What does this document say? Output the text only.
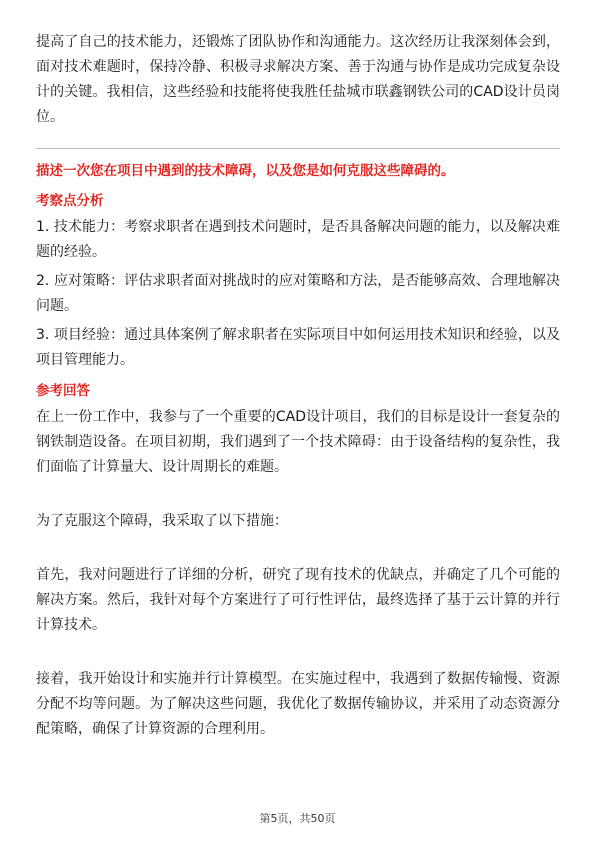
提高了自己的技术能力，还锻炼了团队协作和沟通能力。这次经历让我深刻体会到，面对技术难题时，保持冷静、积极寻求解决方案、善于沟通与协作是成功完成复杂设计的关键。我相信，这些经验和技能将使我胜任盐城市联鑫钢铁公司的CAD设计员岗位。

描述一次您在项目中遇到的技术障碍，以及您是如何克服这些障碍的。

考察点分析

1. 技术能力：考察求职者在遇到技术问题时，是否具备解决问题的能力，以及解决难题的经验。

2. 应对策略：评估求职者面对挑战时的应对策略和方法，是否能够高效、合理地解决问题。

3. 项目经验：通过具体案例了解求职者在实际项目中如何运用技术知识和经验，以及项目管理能力。

参考回答

在上一份工作中，我参与了一个重要的CAD设计项目，我们的目标是设计一套复杂的钢铁制造设备。在项目初期，我们遇到了一个技术障碍：由于设备结构的复杂性，我们面临了计算量大、设计周期长的难题。

为了克服这个障碍，我采取了以下措施：

首先，我对问题进行了详细的分析，研究了现有技术的优缺点，并确定了几个可能的解决方案。然后，我针对每个方案进行了可行性评估，最终选择了基于云计算的并行计算技术。

接着，我开始设计和实施并行计算模型。在实施过程中，我遇到了数据传输慢、资源分配不均等问题。为了解决这些问题，我优化了数据传输协议，并采用了动态资源分配策略，确保了计算资源的合理利用。

第5页，共50页
